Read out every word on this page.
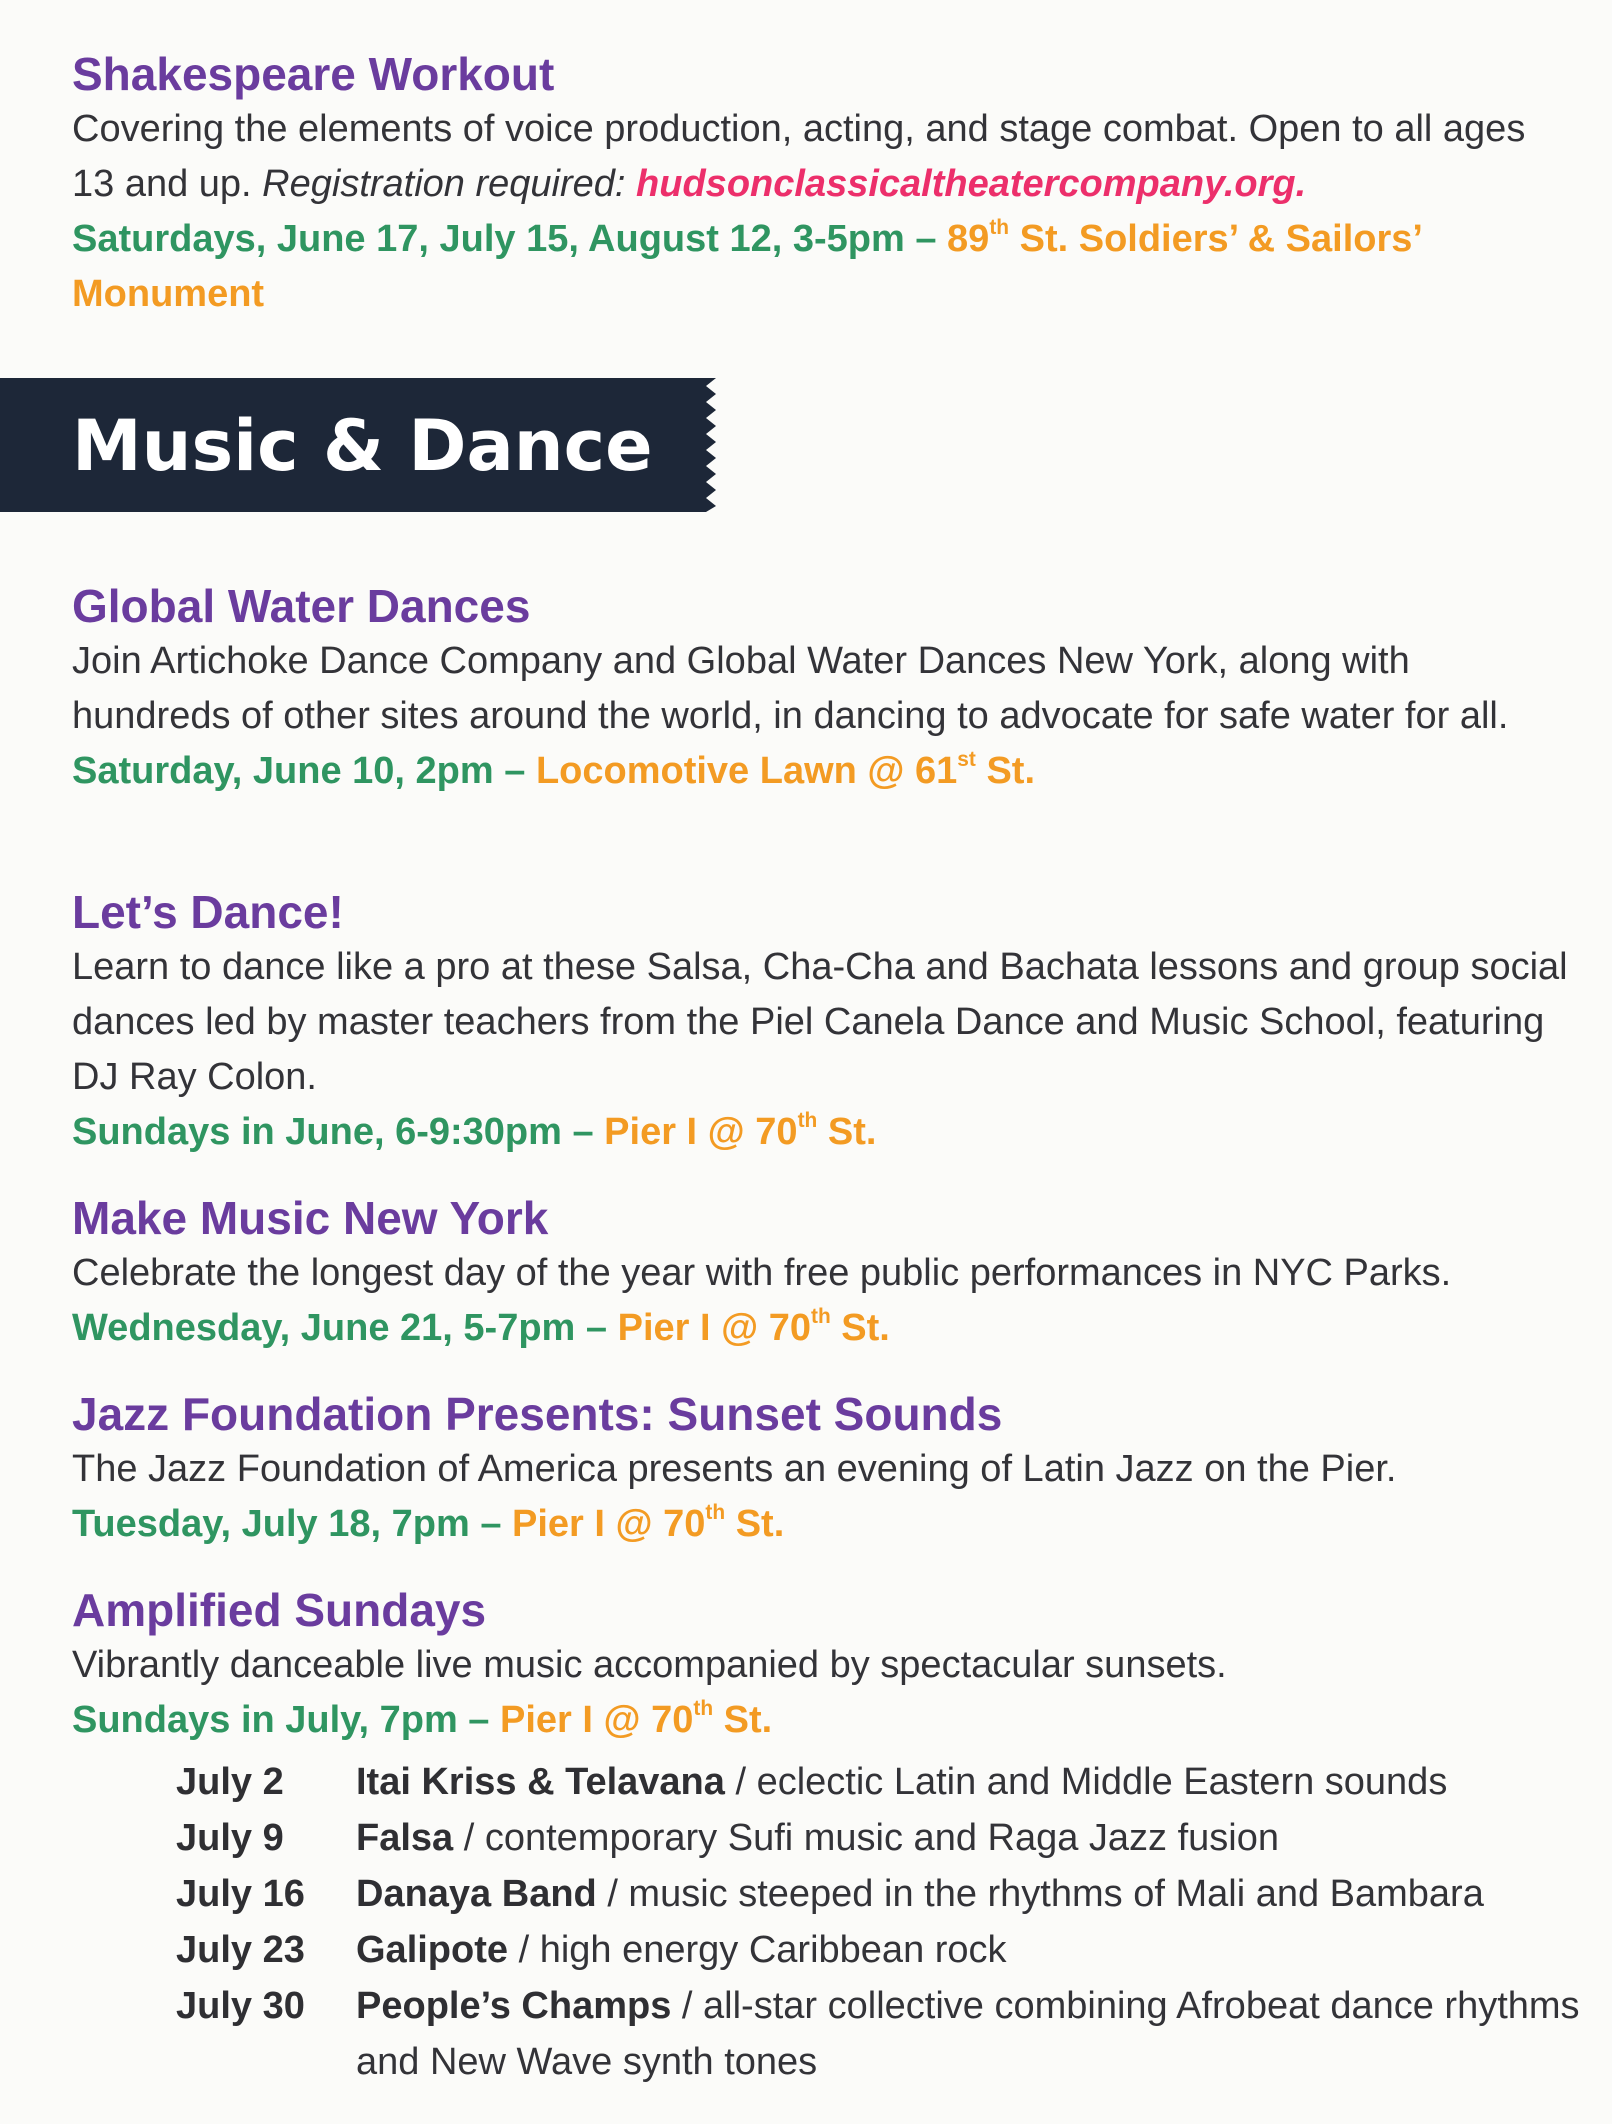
Shakespeare Workout

Covering the elements of voice production, acting, and stage combat. Open to all ages 13 and up. Registration required: hudsonclassicaltheatercompany.org.

Saturdays, June 17, July 15, August 12, 3-5pm – 89th St. Soldiers’ & Sailors’ Monument

Music & Dance

Global Water Dances

Join Artichoke Dance Company and Global Water Dances New York, along with hundreds of other sites around the world, in dancing to advocate for safe water for all.

Saturday, June 10, 2pm – Locomotive Lawn @ 61st St.

Let’s Dance!

Learn to dance like a pro at these Salsa, Cha-Cha and Bachata lessons and group social dances led by master teachers from the Piel Canela Dance and Music School, featuring DJ Ray Colon.

Sundays in June, 6-9:30pm – Pier I @ 70th St.

Make Music New York

Celebrate the longest day of the year with free public performances in NYC Parks.

Wednesday, June 21, 5-7pm – Pier I @ 70th St.

Jazz Foundation Presents: Sunset Sounds

The Jazz Foundation of America presents an evening of Latin Jazz on the Pier.

Tuesday, July 18, 7pm – Pier I @ 70th St.

Amplified Sundays

Vibrantly danceable live music accompanied by spectacular sunsets.

Sundays in July, 7pm – Pier I @ 70th St.

July 2	Itai Kriss & Telavana / eclectic Latin and Middle Eastern sounds
July 9	Falsa / contemporary Sufi music and Raga Jazz fusion
July 16	Danaya Band / music steeped in the rhythms of Mali and Bambara
July 23	Galipote / high energy Caribbean rock
July 30	People’s Champs / all-star collective combining Afrobeat dance rhythms and New Wave synth tones
